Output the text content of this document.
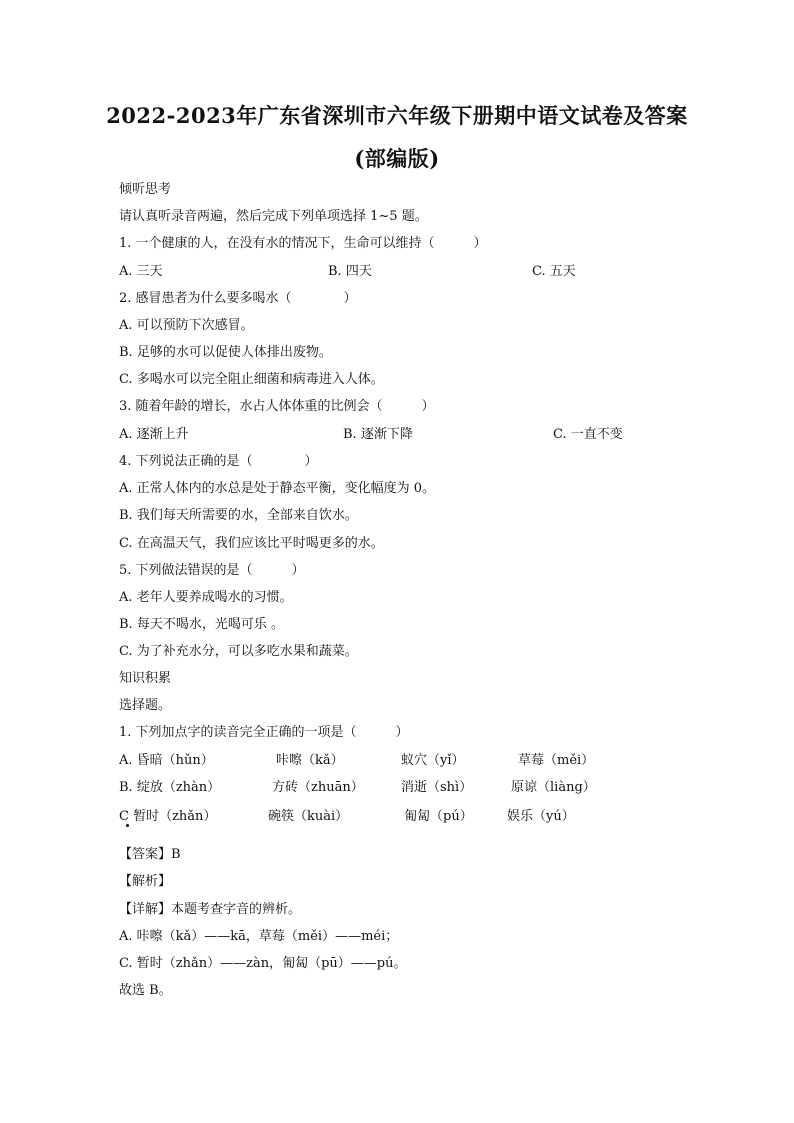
2022-2023年广东省深圳市六年级下册期中语文试卷及答案
(部编版)
倾听思考
请认真听录音两遍，然后完成下列单项选择 1~5 题。
1. 一个健康的人，在没有水的情况下，生命可以维持（　　　）
A. 三天	B. 四天	C. 五天
2. 感冒患者为什么要多喝水（　　　　）
A. 可以预防下次感冒。
B. 足够的水可以促使人体排出废物。
C. 多喝水可以完全阻止细菌和病毒进入人体。
3. 随着年龄的增长，水占人体体重的比例会（　　　）
A. 逐渐上升	B. 逐渐下降	C. 一直不变
4. 下列说法正确的是（　　　　）
A. 正常人体内的水总是处于静态平衡，变化幅度为 0。
B. 我们每天所需要的水，全部来自饮水。
C. 在高温天气，我们应该比平时喝更多的水。
5. 下列做法错误的是（　　　）
A. 老年人要养成喝水的习惯。
B. 每天不喝水，光喝可乐 。
C. 为了补充水分，可以多吃水果和蔬菜。
知识积累
选择题。
1. 下列加点字的读音完全正确的一项是（　　　）
A. 昏暗（hǔn）	咔嚓（kǎ）	蚁穴（yǐ）	草莓（měi）
B. 绽放（zhàn）	方砖（zhuān）	消逝（shì）	原谅（liàng）
C 暂时（zhǎn）	碗筷（kuài）	匍匐（pú）	娱乐（yú）
【答案】B
【解析】
【详解】本题考查字音的辨析。
A. 咔嚓（kǎ）——kā，草莓（měi）——méi；
C. 暂时（zhǎn）——zàn，匍匐（pū）——pú。
故选 B。
